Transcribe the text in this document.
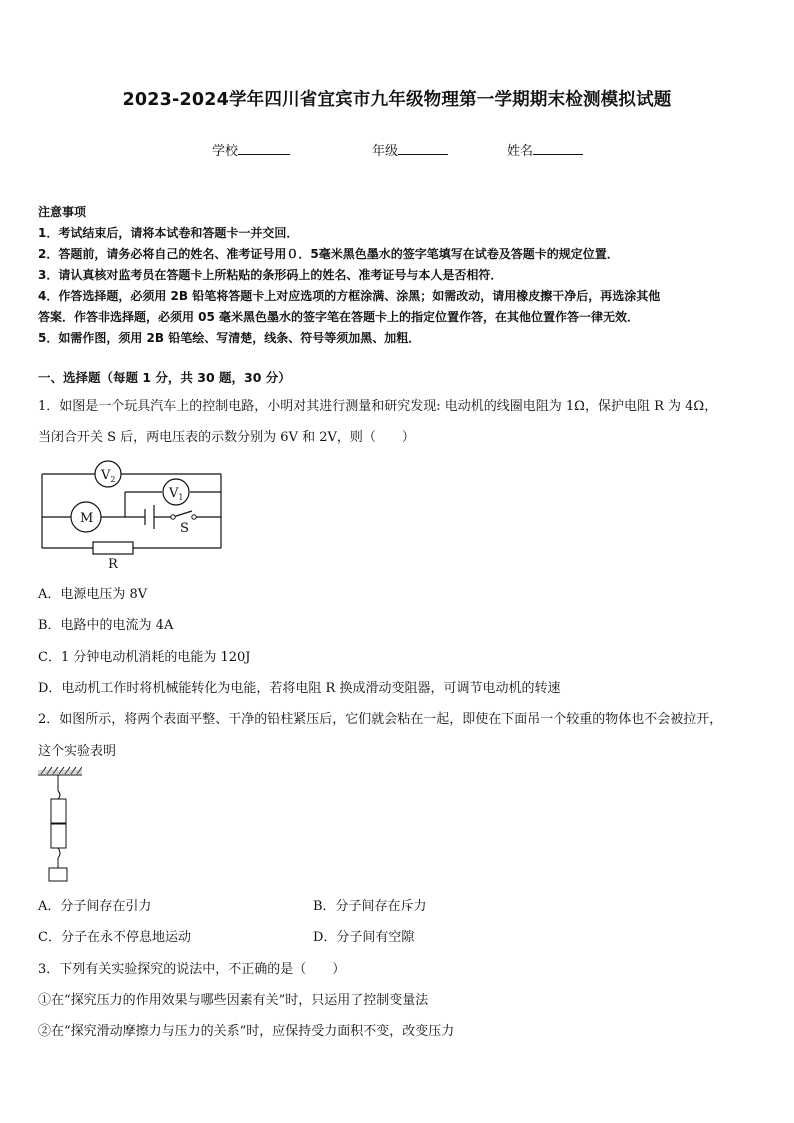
2023-2024学年四川省宜宾市九年级物理第一学期期末检测模拟试题
学校	年级	姓名
注意事项
1．考试结束后，请将本试卷和答题卡一并交回．
2．答题前，请务必将自己的姓名、准考证号用０．5毫米黑色墨水的签字笔填写在试卷及答题卡的规定位置．
3．请认真核对监考员在答题卡上所粘贴的条形码上的姓名、准考证号与本人是否相符．
4．作答选择题，必须用 2B 铅笔将答题卡上对应选项的方框涂满、涂黑；如需改动，请用橡皮擦干净后，再选涂其他
答案．作答非选择题，必须用 05 毫米黑色墨水的签字笔在答题卡上的指定位置作答，在其他位置作答一律无效．
5．如需作图，须用 2B 铅笔绘、写清楚，线条、符号等须加黑、加粗．
一、选择题（每题 1 分，共 30 题，30 分）
1．如图是一个玩具汽车上的控制电路，小明对其进行测量和研究发现: 电动机的线圈电阻为 1Ω，保护电阻 R 为 4Ω，
当闭合开关 S 后，两电压表的示数分别为 6V 和 2V，则（　　）
$V_2$
$V_1$
M
S
R
A．电源电压为 8V
B．电路中的电流为 4A
C．1 分钟电动机消耗的电能为 120J
D．电动机工作时将机械能转化为电能，若将电阻 R 换成滑动变阻器，可调节电动机的转速
2．如图所示，将两个表面平整、干净的铅柱紧压后，它们就会粘在一起，即使在下面吊一个较重的物体也不会被拉开，
这个实验表明
A．分子间存在引力	B．分子间存在斥力
C．分子在永不停息地运动	D．分子间有空隙
3．下列有关实验探究的说法中，不正确的是（　　）
①在“探究压力的作用效果与哪些因素有关”时，只运用了控制变量法
②在“探究滑动摩擦力与压力的关系”时，应保持受力面积不变，改变压力
